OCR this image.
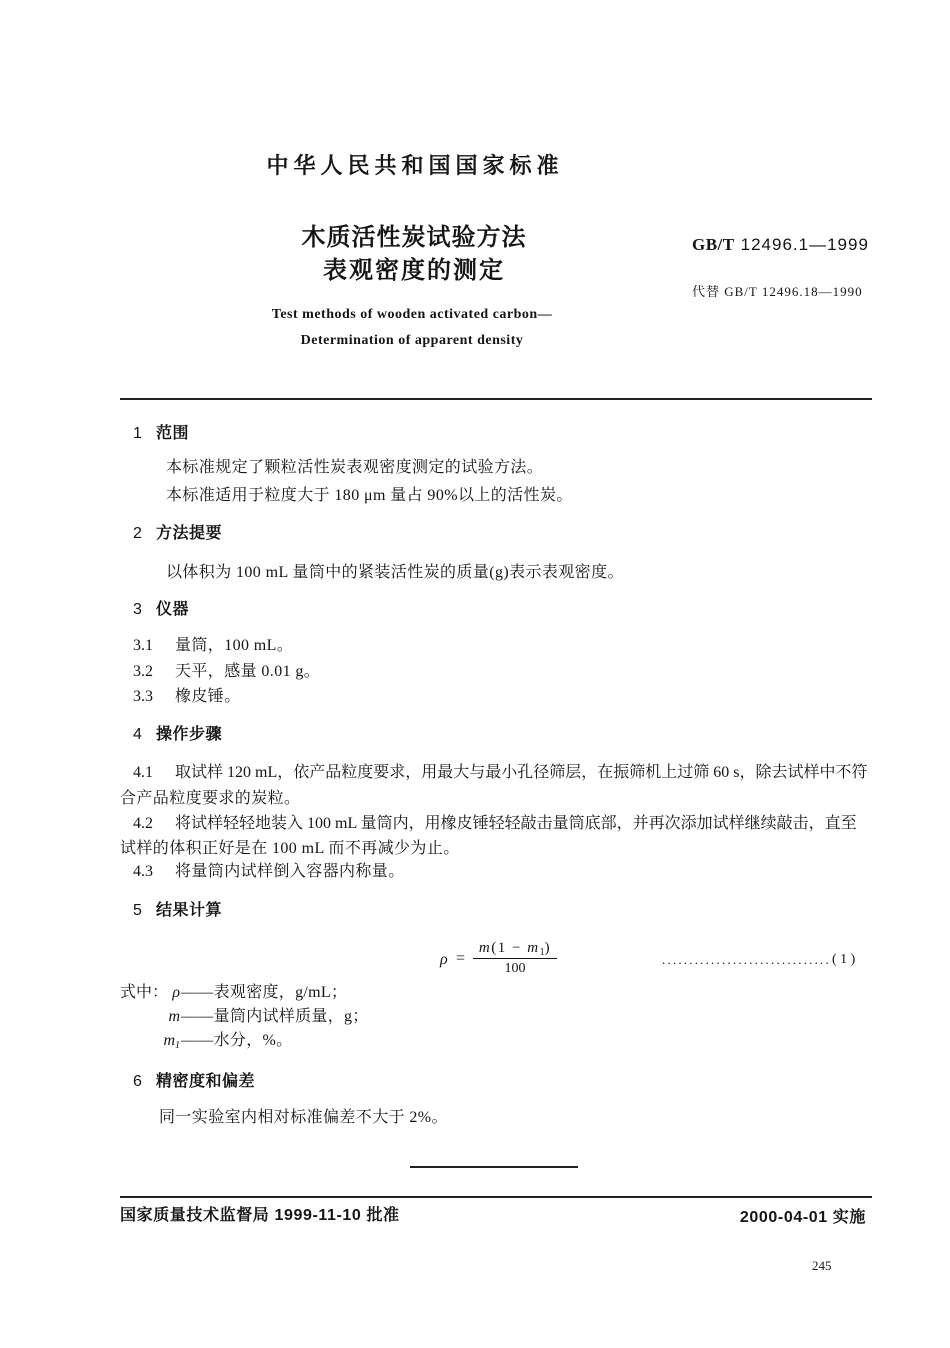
中华人民共和国国家标准
木质活性炭试验方法
表观密度的测定
GB/T 12496.1—1999
代替 GB/T 12496.18—1990
Test methods of wooden activated carbon—
Determination of apparent density
1 范围
本标准规定了颗粒活性炭表观密度测定的试验方法。
本标准适用于粒度大于 180 μm 量占 90%以上的活性炭。
2 方法提要
以体积为 100 mL 量筒中的紧装活性炭的质量(g)表示表观密度。
3 仪器
3.1 量筒，100 mL。
3.2 天平，感量 0.01 g。
3.3 橡皮锤。
4 操作步骤
4.1 取试样 120 mL，依产品粒度要求，用最大与最小孔径筛层，在振筛机上过筛 60 s，除去试样中不符
合产品粒度要求的炭粒。
4.2 将试样轻轻地装入 100 mL 量筒内，用橡皮锤轻轻敲击量筒底部，并再次添加试样继续敲击，直至
试样的体积正好是在 100 mL 而不再减少为止。
4.3 将量筒内试样倒入容器内称量。
5 结果计算
ρ =
$m(1 - m_1)$
100
............................... ( 1 )
式中： ρ ——表观密度，g/mL；
m ——量筒内试样质量，g；
$m_1$ ——水分，%。
6 精密度和偏差
同一实验室内相对标准偏差不大于 2%。
国家质量技术监督局 1999-11-10 批准	2000-04-01 实施
245
